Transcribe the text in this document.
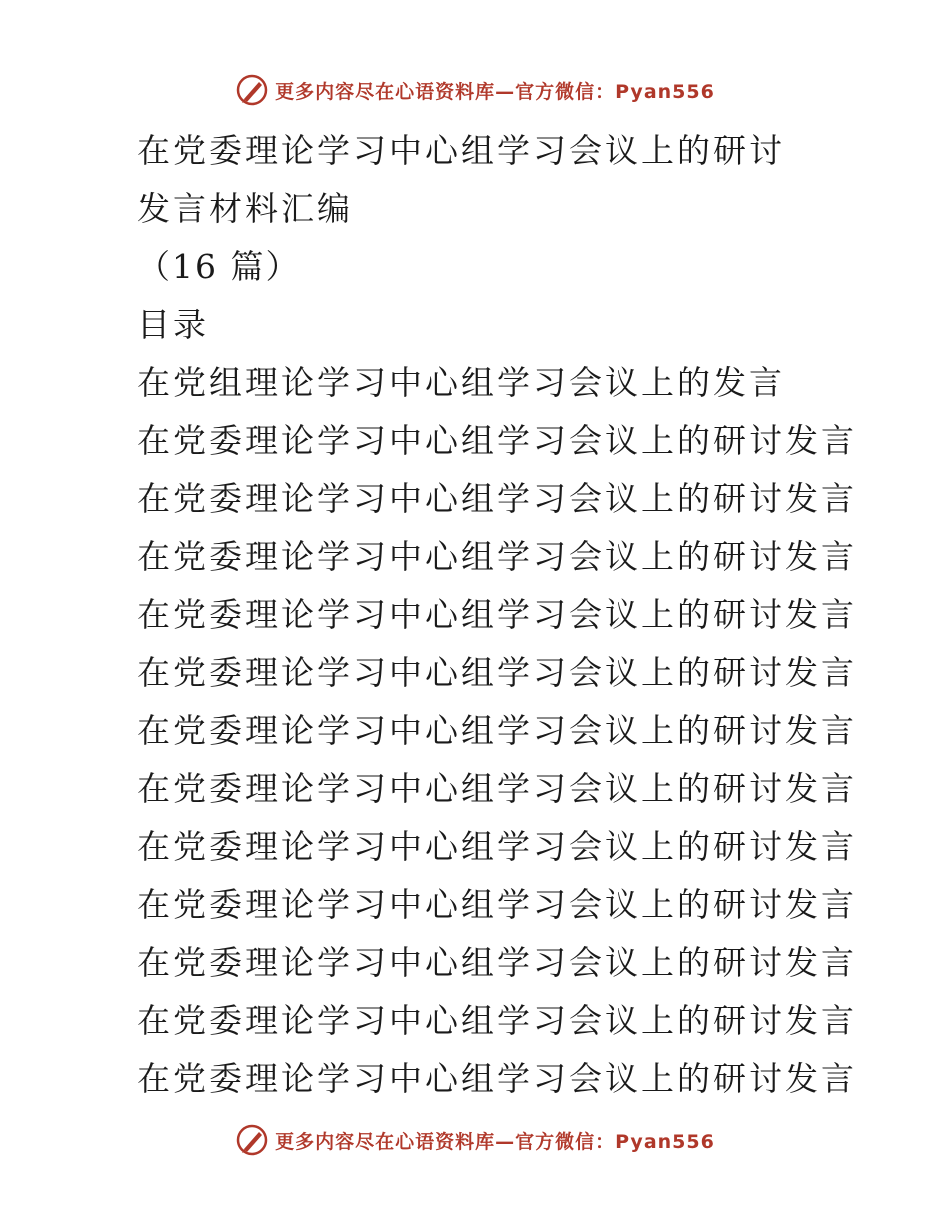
更多内容尽在心语资料库—官方微信：Pyan556
在党委理论学习中心组学习会议上的研讨
发言材料汇编
（16 篇）
目录
在党组理论学习中心组学习会议上的发言
在党委理论学习中心组学习会议上的研讨发言
在党委理论学习中心组学习会议上的研讨发言
在党委理论学习中心组学习会议上的研讨发言
在党委理论学习中心组学习会议上的研讨发言
在党委理论学习中心组学习会议上的研讨发言
在党委理论学习中心组学习会议上的研讨发言
在党委理论学习中心组学习会议上的研讨发言
在党委理论学习中心组学习会议上的研讨发言
在党委理论学习中心组学习会议上的研讨发言
在党委理论学习中心组学习会议上的研讨发言
在党委理论学习中心组学习会议上的研讨发言
在党委理论学习中心组学习会议上的研讨发言
更多内容尽在心语资料库—官方微信：Pyan556
